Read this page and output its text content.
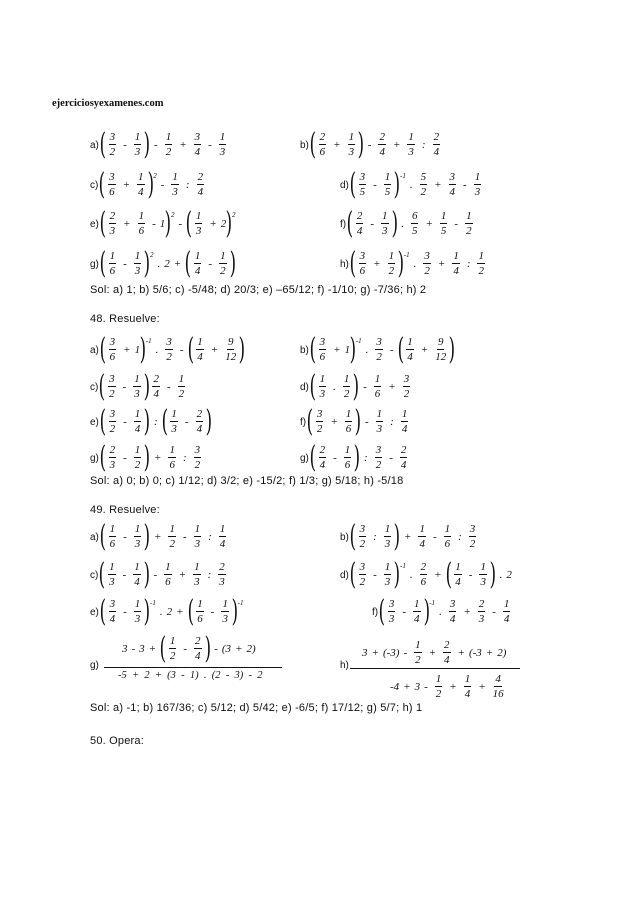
ejerciciosyexamenes.com
a) ( 3
2
-
1
3 ) -
1
2
+ $\frac{3}{4}$ -
1
3
b) ( 2
6
+ $\frac{1}{3}$ ) -
2
4
+ $\frac{1}{3}$ :
2
4
c) ( 3
6
+ $\frac{1}{4}$ ) 2
-
1
3
:
2
4
d) ( 3
5
-
1
5 ) -1
.
5
2
+ $\frac{3}{4}$ -
1
3
e) ( 2
3
+ $\frac{1}{6} - 1$ ) 2
- ( 1
3
+ 2 ) 2
f) ( 2
4
-
1
3 ) .
6
5
+ $\frac{1}{5}$ -
1
2
g) ( 1
6
-
1
3 ) 2
. 2 + ( 1
4
-
1
2 )	h) ( 3
6
+ $\frac{1}{2}$ ) -1
.
3
2
+ $\frac{1}{4}$ :
1
2
Sol: a) 1; b) 5/6; c) -5/48; d) 20/3; e) –65/12; f) -1/10; g) -7/36; h) 2
48. Resuelve:
a) ( 3
6
+ 1 ) -1
.
3
2
- ( 1
4
+ $\frac{9}{12}$ )	b) ( 3
6
+ 1 ) -1
.
3
2
- ( 1
4
+ $\frac{9}{12}$ )
c) ( 3
2
-
1
3 ) 2
4
-
1
2
d) ( 1
3
.
1
2 ) -
1
6
+ $\frac{3}{2}$
e) ( 3
2
-
1
4 ) : ( 1
3
-
2
4 )	f) ( 3
2
+ $\frac{1}{6}$ ) -
1
3
:
1
4
g) ( 2
3
-
1
2 ) + $\frac{1}{6}$ :
3
2
g) ( 2
4
-
1
6 ) :
3
2
-
2
4
Sol: a) 0; b) 0; c) 1/12; d) 3/2; e) -15/2; f) 1/3; g) 5/18; h) -5/18
49. Resuelve:
a) ( 1
6
-
1
3 ) + $\frac{1}{2}$ -
1
3
:
1
4
b) ( 3
2
:
1
3 ) + $\frac{1}{4}$ -
1
6
:
3
2
c) ( 1
3
-
1
4 ) -
1
6
+ $\frac{1}{3}$ :
2
3
d) ( 3
2
-
1
3 ) -1
.
2
6
+ ( 1
4
-
1
3 ) . 2
e) ( 3
4
-
1
3 ) -1
. 2 + ( 1
6
-
1
3 ) -1
f) ( 3
3
-
1
4 ) -1
.
3
4
+ $\frac{2}{3}$ -
1
4
g)
3 - 3 + ( 1
2
-
2
4 ) - (3 + 2)
-5  +  2  +  (3  -  1)  .  (2  -  3)  -  2
h)
3 + (-3) -
1
2
+ $\frac{2}{4} + (-3 + 2)$
-4 + 3 -
1
2
+ $\frac{1}{4} + \frac{4}{16}$
Sol: a) -1; b) 167/36; c) 5/12; d) 5/42; e) -6/5; f) 17/12; g) 5/7; h) 1
50. Opera:
